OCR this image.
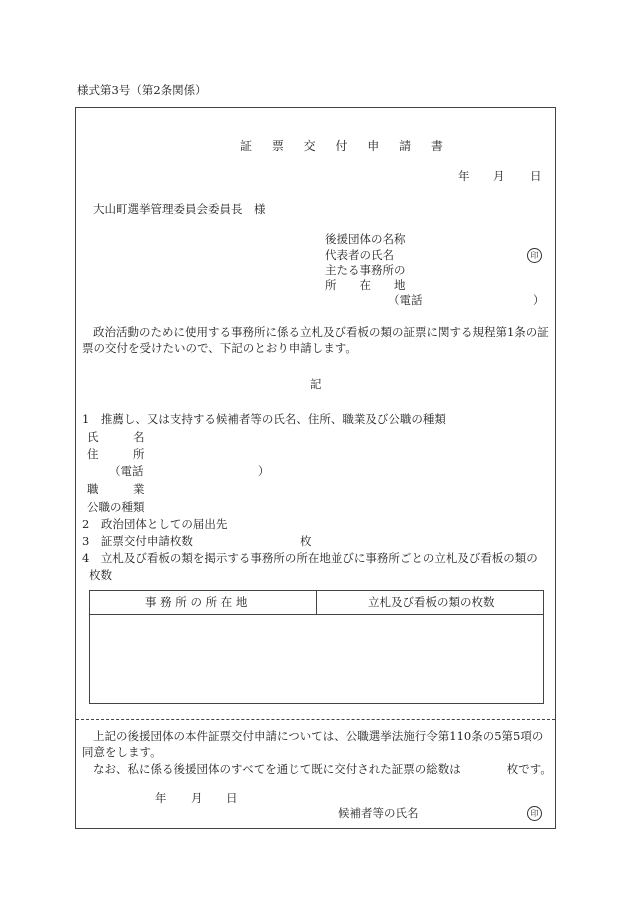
様式第3号（第2条関係）
証 票 交 付 申 請 書
年 月 日
大山町選挙管理委員会委員長　様
後援団体の名称
代表者の氏名	印
主たる事務所の
所　　在　　地
（電話	）
政治活動のために使用する事務所に係る立札及び看板の類の証票に関する規程第1条の証票の交付を受けたいので、下記のとおり申請します。
記
1　推薦し、又は支持する候補者等の氏名、住所、職業及び公職の種類
氏　　　名
住　　　所
（電話	）
職　　　業
公職の種類
2　政治団体としての届出先
3　証票交付申請枚数	枚
4　立札及び看板の類を掲示する事務所の所在地並びに事務所ごとの立札及び看板の類の
枚数
事 務 所 の 所 在 地	立札及び看板の類の枚数
上記の後援団体の本件証票交付申請については、公職選挙法施行令第110条の5第5項の同意をします。
なお、私に係る後援団体のすべてを通じて既に交付された証票の総数は　　　　枚です。
年 月 日
候補者等の氏名	印
